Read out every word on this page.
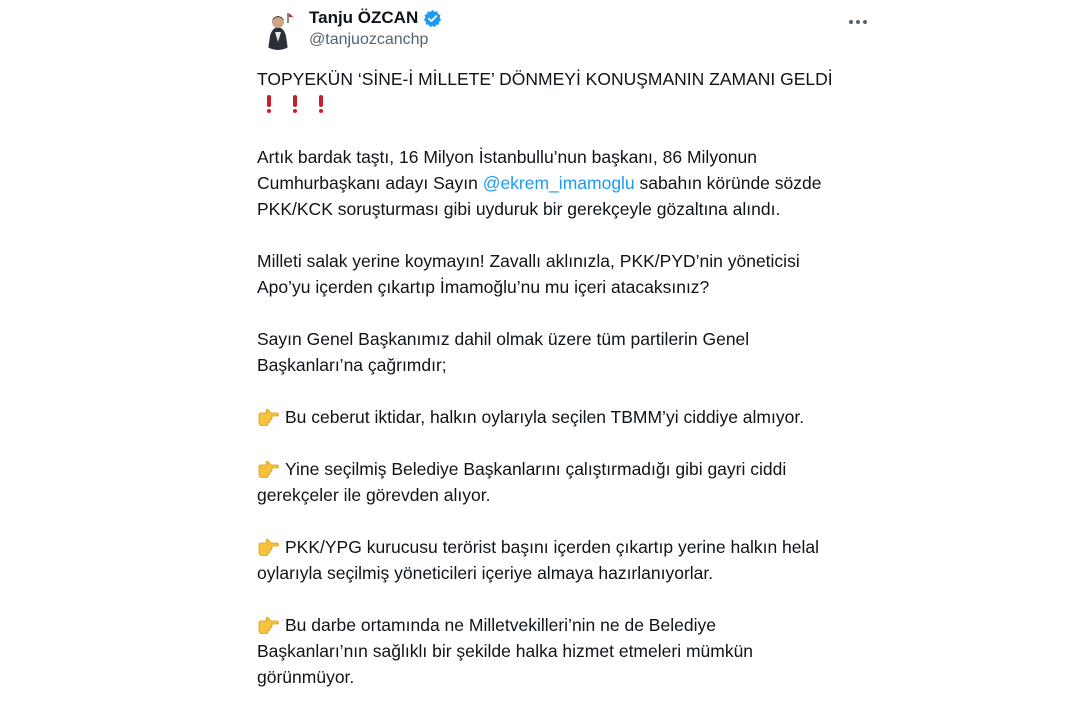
Tanju ÖZCAN
@tanjuozcanchp

TOPYEKÜN ‘SİNE-İ MİLLETE’ DÖNMEYİ KONUŞMANIN ZAMANI GELDİ

Artık bardak taştı, 16 Milyon İstanbullu’nun başkanı, 86 Milyonun
Cumhurbaşkanı adayı Sayın @ekrem_imamoglu sabahın köründe sözde
PKK/KCK soruşturması gibi uyduruk bir gerekçeyle gözaltına alındı.

Milleti salak yerine koymayın! Zavallı aklınızla, PKK/PYD’nin yöneticisi
Apo’yu içerden çıkartıp İmamoğlu’nu mu içeri atacaksınız?

Sayın Genel Başkanımız dahil olmak üzere tüm partilerin Genel
Başkanları’na çağrımdır;

Bu ceberut iktidar, halkın oylarıyla seçilen TBMM’yi ciddiye almıyor.

Yine seçilmiş Belediye Başkanlarını çalıştırmadığı gibi gayri ciddi
gerekçeler ile görevden alıyor.

PKK/YPG kurucusu terörist başını içerden çıkartıp yerine halkın helal
oylarıyla seçilmiş yöneticileri içeriye almaya hazırlanıyorlar.

Bu darbe ortamında ne Milletvekilleri’nin ne de Belediye
Başkanları’nın sağlıklı bir şekilde halka hizmet etmeleri mümkün
görünmüyor.
